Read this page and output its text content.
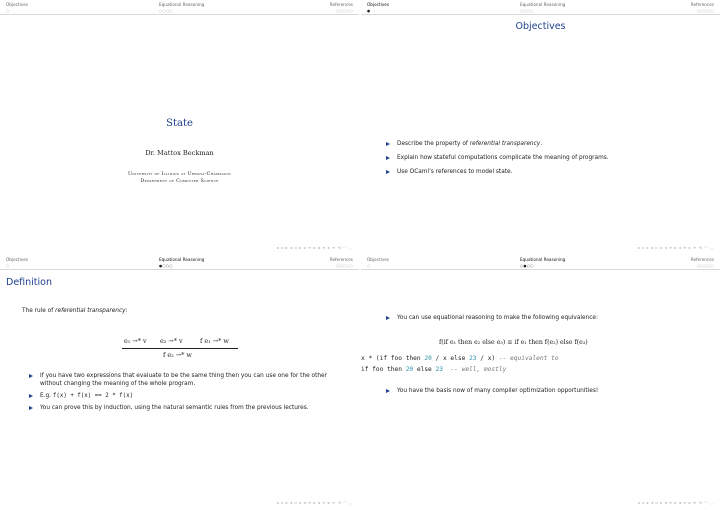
Objectives
○
Equational Reasoning
○○○○
References
○○○○○
State
Dr. Mattox Beckman
University of Illinois at Urbana-Champaign
Department of Computer Science
◂ ▫ ▸ ◂ ▫ ▸ ◂ ≡ ▸ ◂ ≡ ▸ ≡ ⟲ ◠ ◡
Objectives
●
Equational Reasoning
○○○○
References
○○○○○
Objectives
Describe the property of referential transparency.
Explain how stateful computations complicate the meaning of programs.
Use OCaml’s references to model state.
◂ ▫ ▸ ◂ ▫ ▸ ◂ ≡ ▸ ◂ ≡ ▸ ≡ ⟲ ◠ ◡
Objectives
○
Equational Reasoning
●○○○
References
○○○○○
Definition
The rule of referential transparency:
e₁ →* v e₂ →* v	f e₁ →* w
f e₂ →* w
If you have two expressions that evaluate to be the same thing then you can use one for the other without changing the meaning of the whole program.
E.g. f(x) + f(x) == 2 * f(x)
You can prove this by induction, using the natural semantic rules from the previous lectures.
◂ ▫ ▸ ◂ ▫ ▸ ◂ ≡ ▸ ◂ ≡ ▸ ≡ ⟲ ◠ ◡
Objectives
○
Equational Reasoning
○●○○
References
○○○○○
You can use equational reasoning to make the following equivalence:
f(if e₁ then e₂ else e₃) ≡ if e₁ then f(e₂) else f(e₃)
x * (if foo then 20 / x else 23 / x) -- equivalent to
if foo then 20 else 23 -- well, mostly
You have the basis now of many compiler optimization opportunities!
◂ ▫ ▸ ◂ ▫ ▸ ◂ ≡ ▸ ◂ ≡ ▸ ≡ ⟲ ◠ ◡
